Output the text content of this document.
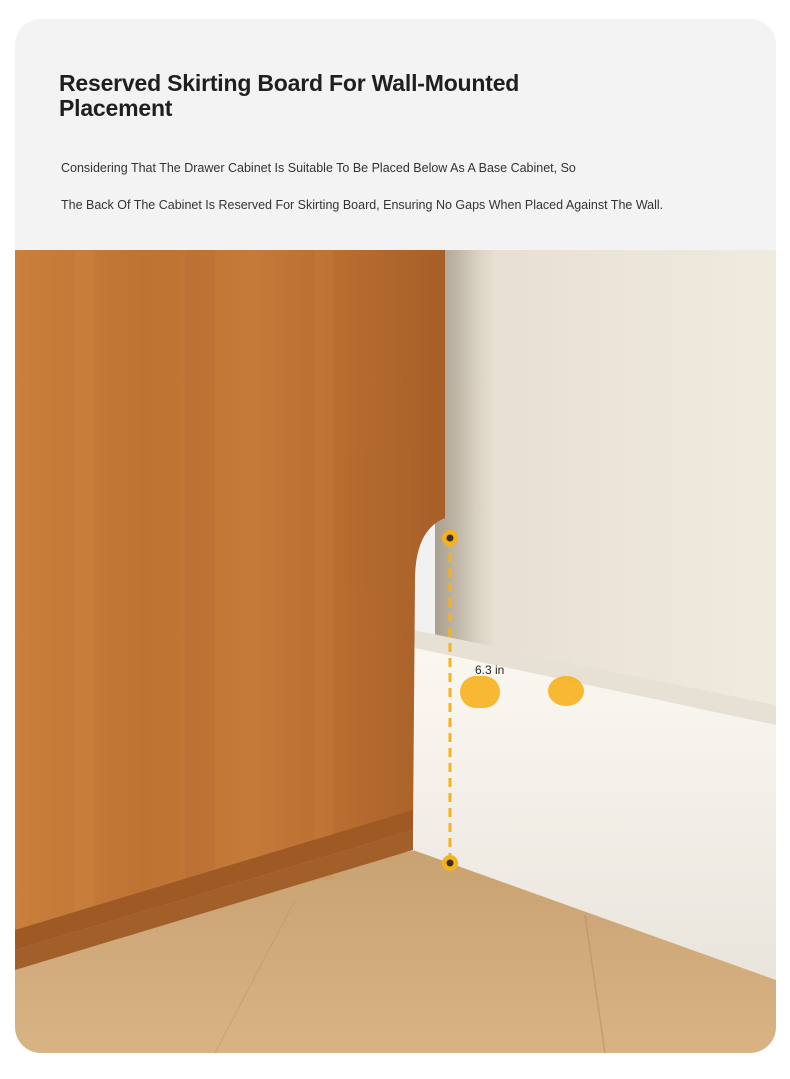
Reserved Skirting Board For Wall-Mounted Placement

Considering That The Drawer Cabinet Is Suitable To Be Placed Below As A Base Cabinet, So

The Back Of The Cabinet Is Reserved For Skirting Board, Ensuring No Gaps When Placed Against The Wall.

6.3 in
